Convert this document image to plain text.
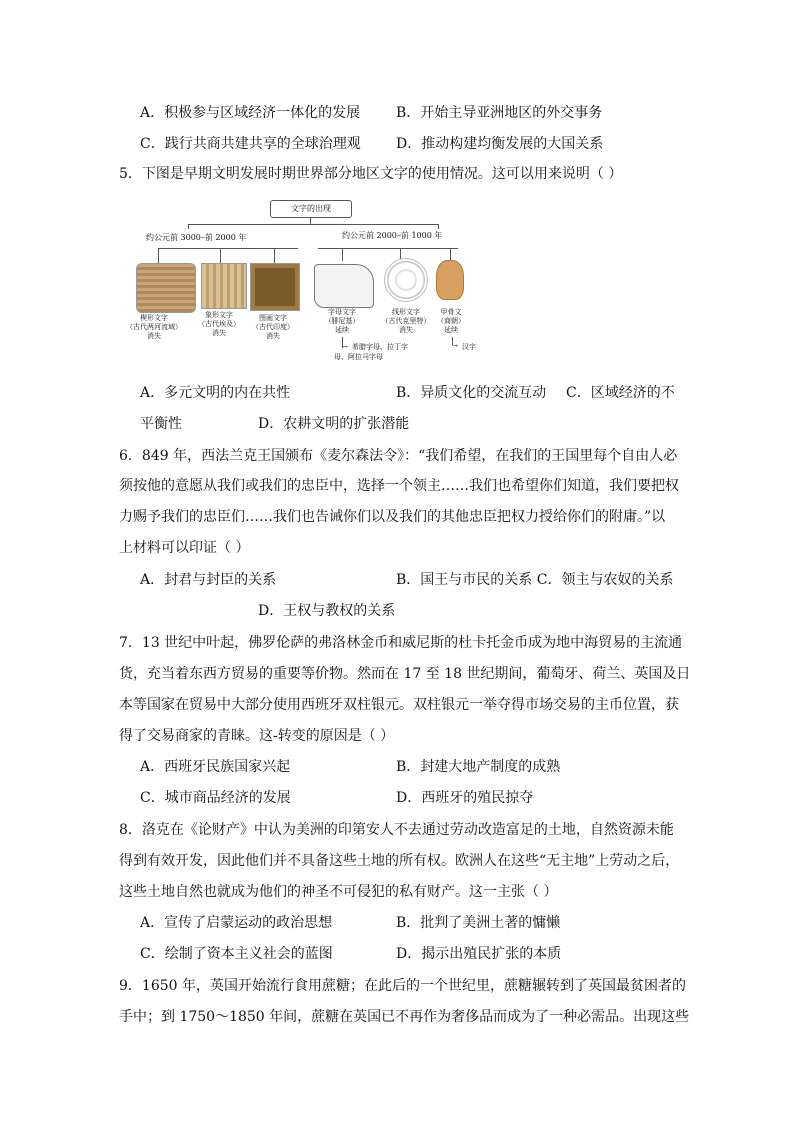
A．积极参与区域经济一体化的发展	B．开始主导亚洲地区的外交事务
C．践行共商共建共享的全球治理观	D．推动构建均衡发展的大国关系
5．下图是早期文明发展时期世界部分地区文字的使用情况。这可以用来说明（ ）
文字的出现
约公元前 3000–前 2000 年	约公元前 2000–前 1000 年
楔形文字
（古代两河流域）
消失
象形文字
（古代埃及）
消失
图画文字
（古代印度）
消失
字母文字
（腓尼基）
延续
线形文字
（古代克里特）
消失
甲骨文
（商朝）
延续
→ 希腊字母、拉丁字
母、阿拉马字母
→ 汉字
A．多元文明的内在共性	B．异质文化的交流互动 C．区域经济的不
平衡性	D．农耕文明的扩张潜能
6．849 年，西法兰克王国颁布《麦尔森法令》：“我们希望，在我们的王国里每个自由人必
须按他的意愿从我们或我们的忠臣中，选择一个领主……我们也希望你们知道，我们要把权
力赐予我们的忠臣们……我们也告诫你们以及我们的其他忠臣把权力授给你们的附庸。”以
上材料可以印证（ ）
A．封君与封臣的关系	B．国王与市民的关系 C．领主与农奴的关系
D．王权与教权的关系
7．13 世纪中叶起，佛罗伦萨的弗洛林金币和威尼斯的杜卡托金币成为地中海贸易的主流通
货，充当着东西方贸易的重要等价物。然而在 17 至 18 世纪期间，葡萄牙、荷兰、英国及日
本等国家在贸易中大部分使用西班牙双柱银元。双柱银元一举夺得市场交易的主币位置，获
得了交易商家的青睐。这-转变的原因是（ ）
A．西班牙民族国家兴起	B．封建大地产制度的成熟
C．城市商品经济的发展	D．西班牙的殖民掠夺
8．洛克在《论财产》中认为美洲的印第安人不去通过劳动改造富足的土地，自然资源未能
得到有效开发，因此他们并不具备这些土地的所有权。欧洲人在这些“无主地”上劳动之后，
这些土地自然也就成为他们的神圣不可侵犯的私有财产。这一主张（ ）
A．宣传了启蒙运动的政治思想	B．批判了美洲土著的慵懒
C．绘制了资本主义社会的蓝图	D．揭示出殖民扩张的本质
9．1650 年，英国开始流行食用蔗糖；在此后的一个世纪里，蔗糖辗转到了英国最贫困者的
手中；到 1750～1850 年间，蔗糖在英国已不再作为奢侈品而成为了一种必需品。出现这些
